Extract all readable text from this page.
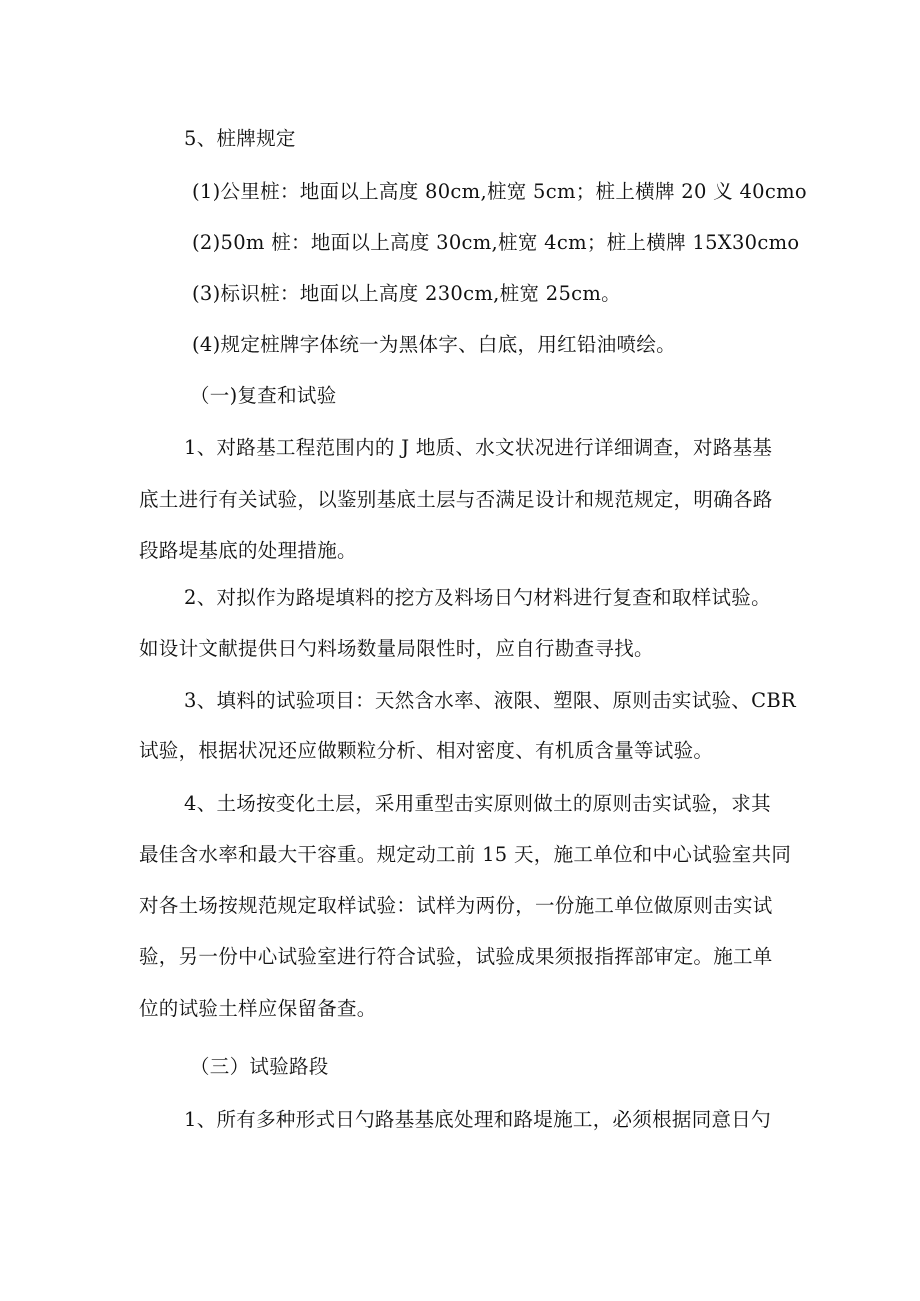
5、桩牌规定

(1)公里桩：地面以上高度 80cm,桩宽 5cm；桩上横牌 20 义 40cmo

(2)50m 桩：地面以上高度 30cm,桩宽 4cm；桩上横牌 15X30cmo

(3)标识桩：地面以上高度 230cm,桩宽 25cm。

(4)规定桩牌字体统一为黑体字、白底，用红铅油喷绘。

（一)复查和试验

1、对路基工程范围内的 J 地质、水文状况进行详细调查，对路基基

底土进行有关试验，以鉴别基底土层与否满足设计和规范规定，明确各路

段路堤基底的处理措施。

2、对拟作为路堤填料的挖方及料场日勺材料进行复查和取样试验。

如设计文献提供日勺料场数量局限性时，应自行勘查寻找。

3、填料的试验项目：天然含水率、液限、塑限、原则击实试验、CBR

试验，根据状况还应做颗粒分析、相对密度、有机质含量等试验。

4、土场按变化土层，采用重型击实原则做土的原则击实试验，求其

最佳含水率和最大干容重。规定动工前 15 天，施工单位和中心试验室共同

对各土场按规范规定取样试验：试样为两份，一份施工单位做原则击实试

验，另一份中心试验室进行符合试验，试验成果须报指挥部审定。施工单

位的试验土样应保留备查。

（三）试验路段

1、所有多种形式日勺路基基底处理和路堤施工，必须根据同意日勺
